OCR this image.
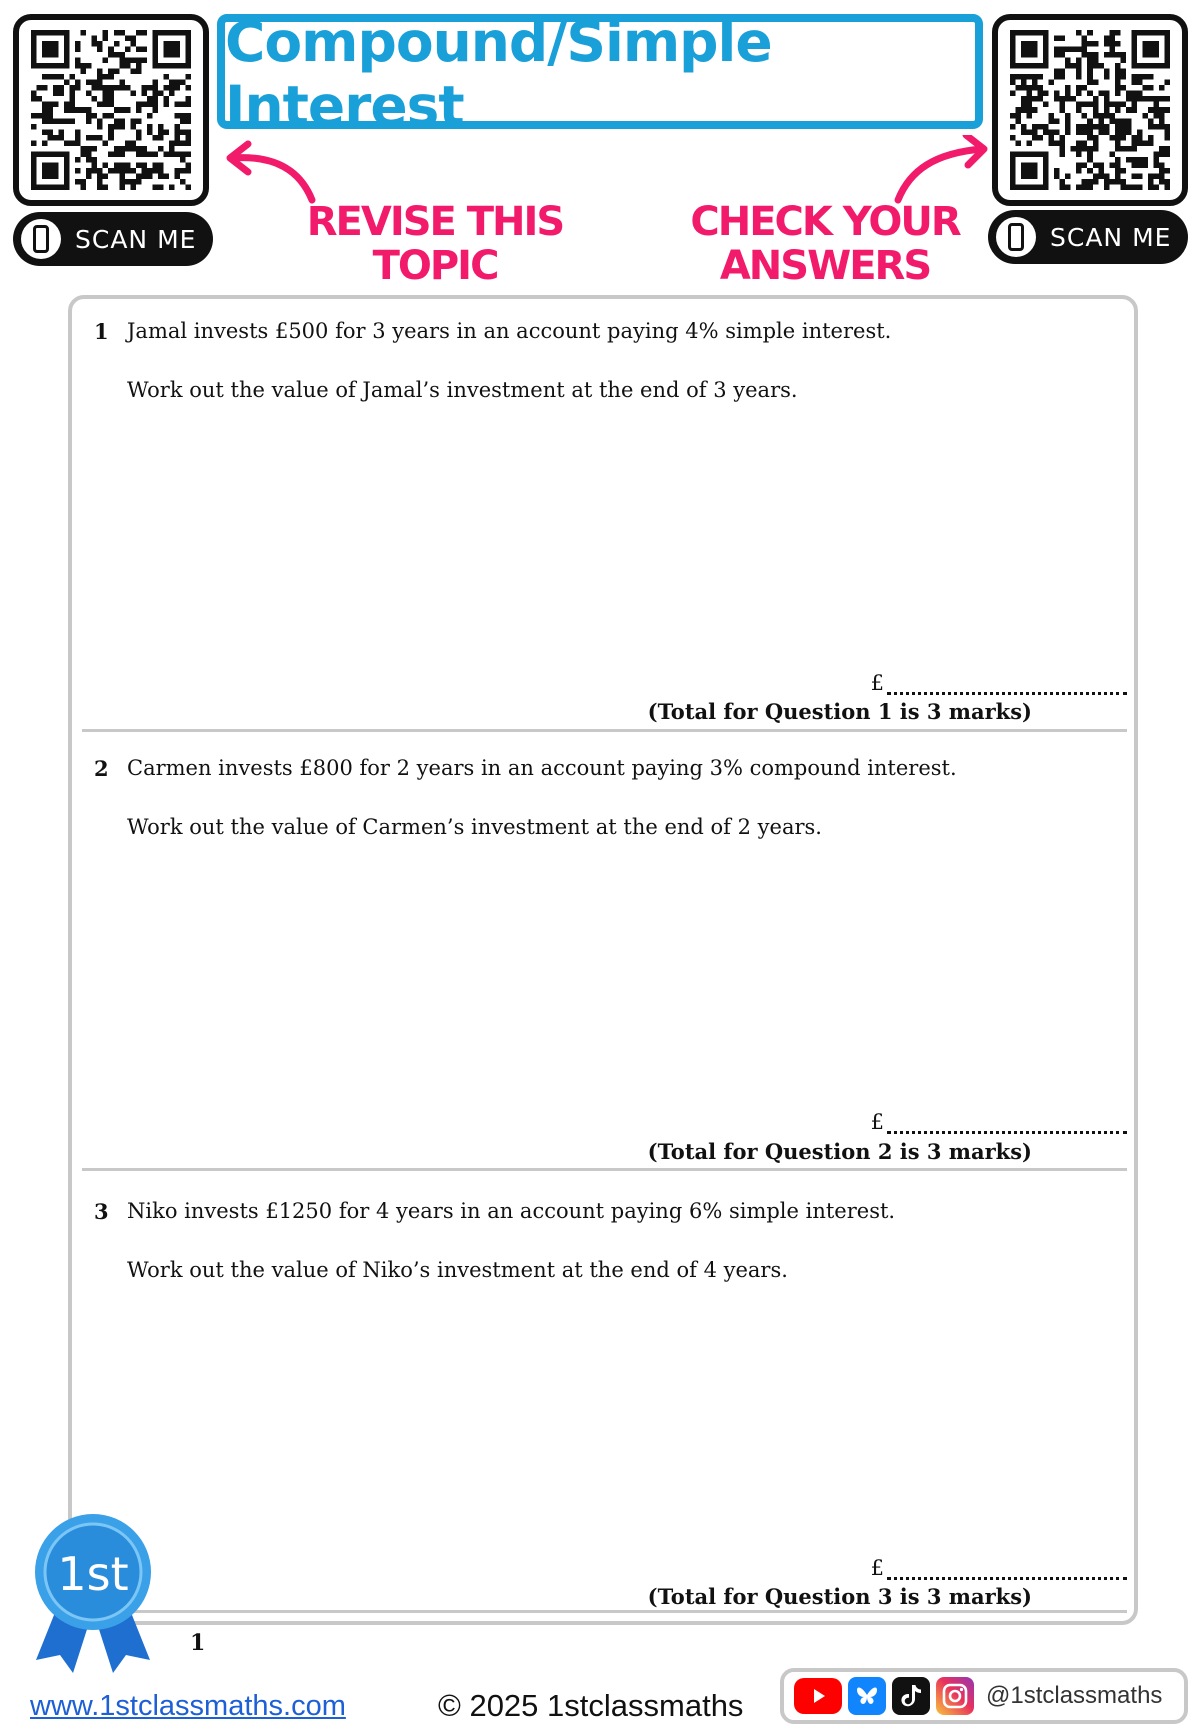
SCAN ME
Compound/Simple Interest
REVISE THIS TOPIC
CHECK YOUR ANSWERS
SCAN ME
1 Jamal invests £500 for 3 years in an account paying 4% simple interest.
Work out the value of Jamal’s investment at the end of 3 years.
£
(Total for Question 1 is 3 marks)
2 Carmen invests £800 for 2 years in an account paying 3% compound interest.
Work out the value of Carmen’s investment at the end of 2 years.
£
(Total for Question 2 is 3 marks)
3 Niko invests £1250 for 4 years in an account paying 6% simple interest.
Work out the value of Niko’s investment at the end of 4 years.
£
(Total for Question 3 is 3 marks)
1st
1
www.1stclassmaths.com	© 2025 1stclassmaths	@1stclassmaths
